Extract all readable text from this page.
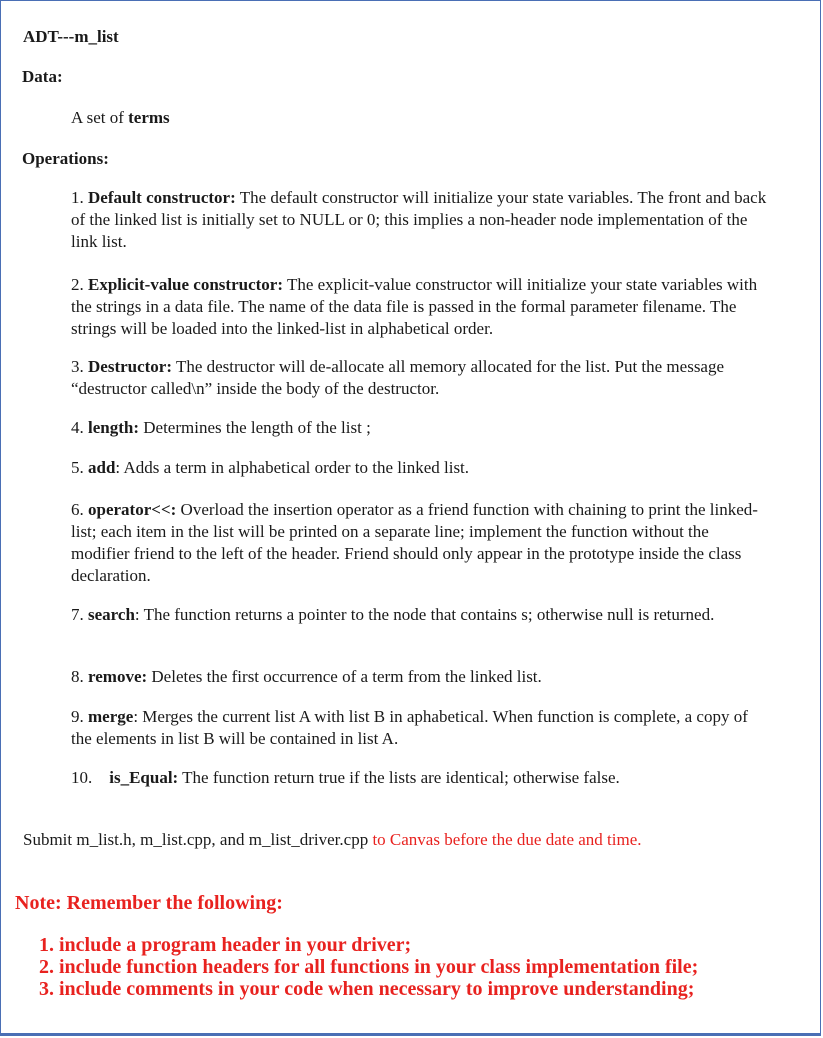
ADT---m_list
Data:
A set of terms
Operations:
1. Default constructor: The default constructor will initialize your state variables. The front and back of the linked list is initially set to NULL or 0; this implies a non-header node implementation of the link list.
2. Explicit-value constructor: The explicit-value constructor will initialize your state variables with the strings in a data file. The name of the data file is passed in the formal parameter filename. The strings will be loaded into the linked-list in alphabetical order.
3. Destructor: The destructor will de-allocate all memory allocated for the list. Put the message “destructor called\n” inside the body of the destructor.
4. length: Determines the length of the list ;
5. add: Adds a term in alphabetical order to the linked list.
6. operator<<: Overload the insertion operator as a friend function with chaining to print the linked-list; each item in the list will be printed on a separate line; implement the function without the modifier friend to the left of the header. Friend should only appear in the prototype inside the class declaration.
7. search: The function returns a pointer to the node that contains s; otherwise null is returned.
8. remove: Deletes the first occurrence of a term from the linked list.
9. merge: Merges the current list A with list B in aphabetical. When function is complete, a copy of the elements in list B will be contained in list A.
10.    is_Equal: The function return true if the lists are identical; otherwise false.
Submit m_list.h, m_list.cpp, and m_list_driver.cpp to Canvas before the due date and time.
Note: Remember the following:
1. include a program header in your driver;
2. include function headers for all functions in your class implementation file;
3. include comments in your code when necessary to improve understanding;
